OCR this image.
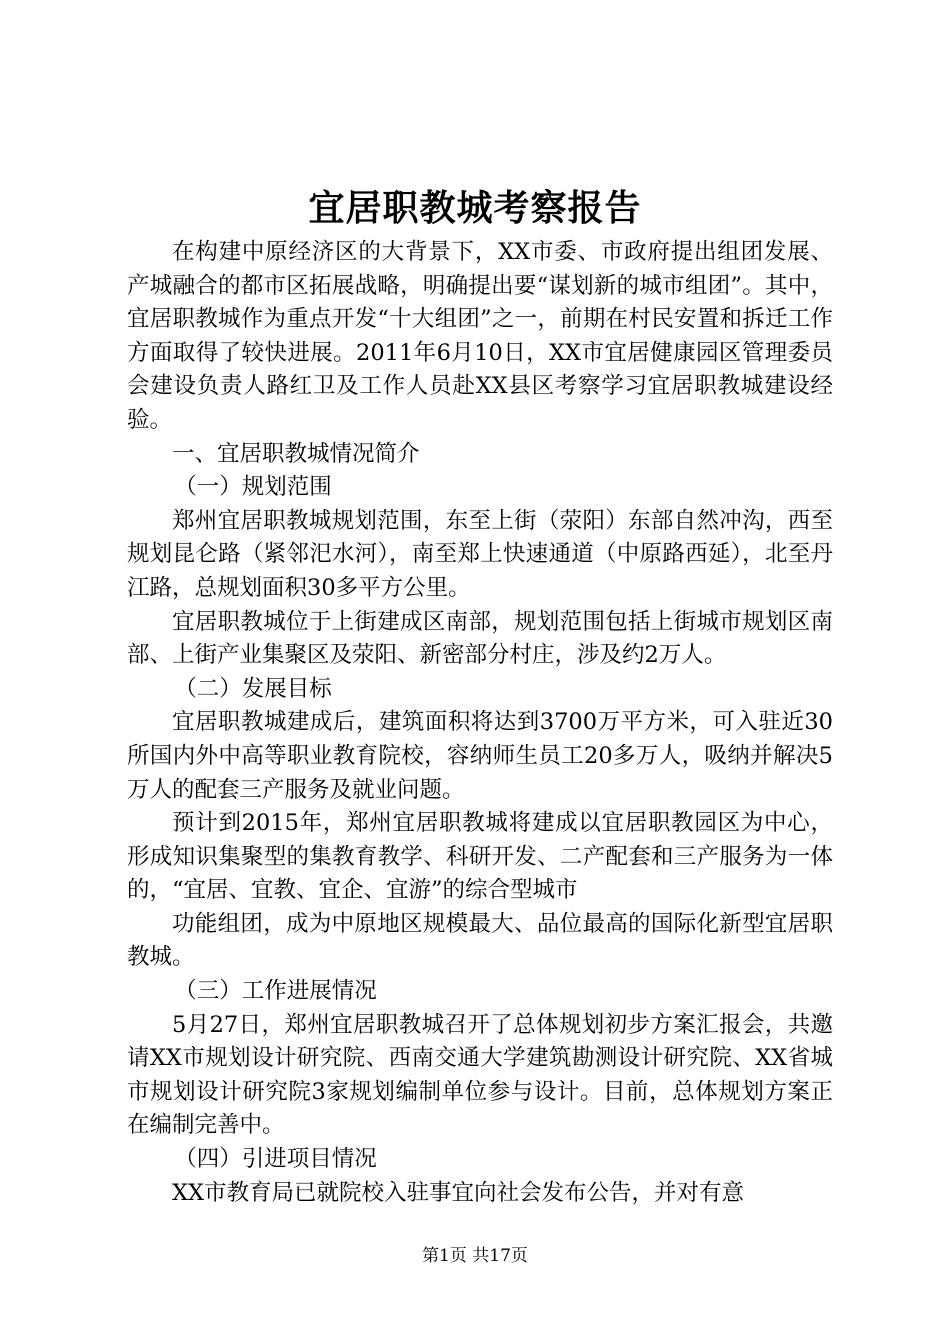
宜居职教城考察报告

在构建中原经济区的大背景下，XX市委、市政府提出组团发展、产城融合的都市区拓展战略，明确提出要“谋划新的城市组团”。其中，宜居职教城作为重点开发“十大组团”之一，前期在村民安置和拆迁工作方面取得了较快进展。2011年6月10日，XX市宜居健康园区管理委员会建设负责人路红卫及工作人员赴XX县区考察学习宜居职教城建设经验。

一、宜居职教城情况简介

（一）规划范围

郑州宜居职教城规划范围，东至上街（荥阳）东部自然冲沟，西至规划昆仑路（紧邻汜水河），南至郑上快速通道（中原路西延），北至丹江路，总规划面积30多平方公里。

宜居职教城位于上街建成区南部，规划范围包括上街城市规划区南部、上街产业集聚区及荥阳、新密部分村庄，涉及约2万人。

（二）发展目标

宜居职教城建成后，建筑面积将达到3700万平方米，可入驻近30所国内外中高等职业教育院校，容纳师生员工20多万人，吸纳并解决5万人的配套三产服务及就业问题。

预计到2015年，郑州宜居职教城将建成以宜居职教园区为中心，形成知识集聚型的集教育教学、科研开发、二产配套和三产服务为一体的，“宜居、宜教、宜企、宜游”的综合型城市

功能组团，成为中原地区规模最大、品位最高的国际化新型宜居职教城。

（三）工作进展情况

5月27日，郑州宜居职教城召开了总体规划初步方案汇报会，共邀请XX市规划设计研究院、西南交通大学建筑勘测设计研究院、XX省城市规划设计研究院3家规划编制单位参与设计。目前，总体规划方案正在编制完善中。

（四）引进项目情况

XX市教育局已就院校入驻事宜向社会发布公告，并对有意

第1页 共17页
